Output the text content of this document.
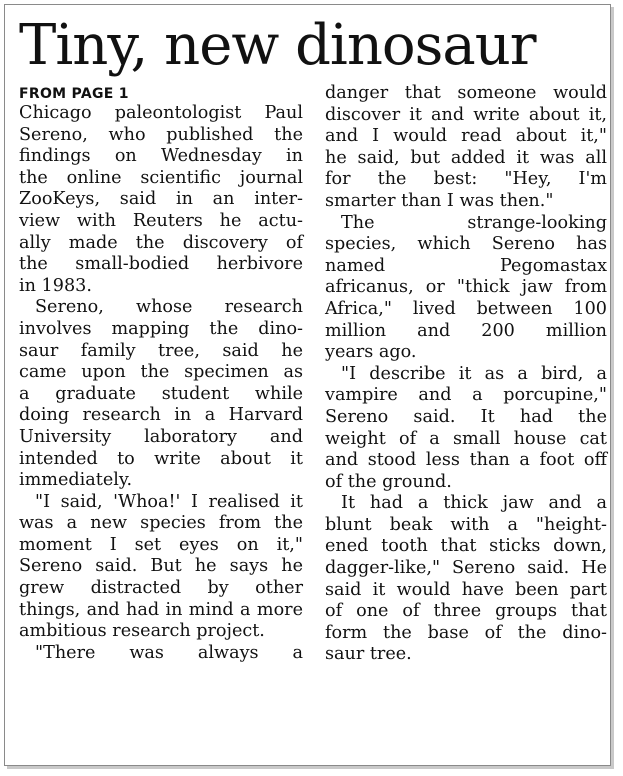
Tiny, new dinosaur

FROM PAGE 1

Chicago paleontologist Paul
Sereno, who published the
findings on Wednesday in
the online scientific journal
ZooKeys, said in an inter-
view with Reuters he actu-
ally made the discovery of
the small-bodied herbivore
in 1983.
Sereno, whose research
involves mapping the dino-
saur family tree, said he
came upon the specimen as
a graduate student while
doing research in a Harvard
University laboratory and
intended to write about it
immediately.
"I said, 'Whoa!' I realised it
was a new species from the
moment I set eyes on it,"
Sereno said. But he says he
grew distracted by other
things, and had in mind a more
ambitious research project.
"There was always a
danger that someone would
discover it and write about it,
and I would read about it,"
he said, but added it was all
for the best: "Hey, I'm
smarter than I was then."
The strange-looking
species, which Sereno has
named Pegomastax
africanus, or "thick jaw from
Africa," lived between 100
million and 200 million
years ago.
"I describe it as a bird, a
vampire and a porcupine,"
Sereno said. It had the
weight of a small house cat
and stood less than a foot off
of the ground.
It had a thick jaw and a
blunt beak with a "height-
ened tooth that sticks down,
dagger-like," Sereno said. He
said it would have been part
of one of three groups that
form the base of the dino-
saur tree.
